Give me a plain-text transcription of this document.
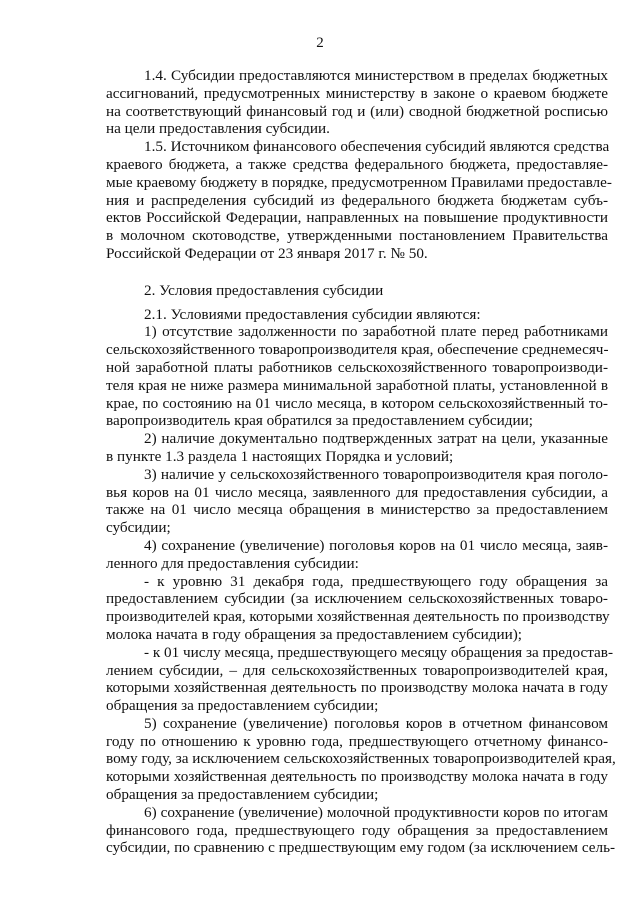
2
1.4. Субсидии предоставляются министерством в пределах бюджетных
ассигнований, предусмотренных министерству в законе о краевом бюджете
на соответствующий финансовый год и (или) сводной бюджетной росписью
на цели предоставления субсидии.
1.5. Источником финансового обеспечения субсидий являются средства
краевого бюджета, а также средства федерального бюджета, предоставляе-
мые краевому бюджету в порядке, предусмотренном Правилами предоставле-
ния и распределения субсидий из федерального бюджета бюджетам субъ-
ектов Российской Федерации, направленных на повышение продуктивности
в молочном скотоводстве, утвержденными постановлением Правительства
Российской Федерации от 23 января 2017 г. № 50.
2. Условия предоставления субсидии
2.1. Условиями предоставления субсидии являются:
1) отсутствие задолженности по заработной плате перед работниками
сельскохозяйственного товаропроизводителя края, обеспечение среднемесяч-
ной заработной платы работников сельскохозяйственного товаропроизводи-
теля края не ниже размера минимальной заработной платы, установленной в
крае, по состоянию на 01 число месяца, в котором сельскохозяйственный то-
варопроизводитель края обратился за предоставлением субсидии;
2) наличие документально подтвержденных затрат на цели, указанные
в пункте 1.3 раздела 1 настоящих Порядка и условий;
3) наличие у сельскохозяйственного товаропроизводителя края поголо-
вья коров на 01 число месяца, заявленного для предоставления субсидии, а
также на 01 число месяца обращения в министерство за предоставлением
субсидии;
4) сохранение (увеличение) поголовья коров на 01 число месяца, заяв-
ленного для предоставления субсидии:
- к уровню 31 декабря года, предшествующего году обращения за
предоставлением субсидии (за исключением сельскохозяйственных товаро-
производителей края, которыми хозяйственная деятельность по производству
молока начата в году обращения за предоставлением субсидии);
- к 01 числу месяца, предшествующего месяцу обращения за предостав-
лением субсидии, – для сельскохозяйственных товаропроизводителей края,
которыми хозяйственная деятельность по производству молока начата в году
обращения за предоставлением субсидии;
5) сохранение (увеличение) поголовья коров в отчетном финансовом
году по отношению к уровню года, предшествующего отчетному финансо-
вому году, за исключением сельскохозяйственных товаропроизводителей края,
которыми хозяйственная деятельность по производству молока начата в году
обращения за предоставлением субсидии;
6) сохранение (увеличение) молочной продуктивности коров по итогам
финансового года, предшествующего году обращения за предоставлением
субсидии, по сравнению с предшествующим ему годом (за исключением сель-
